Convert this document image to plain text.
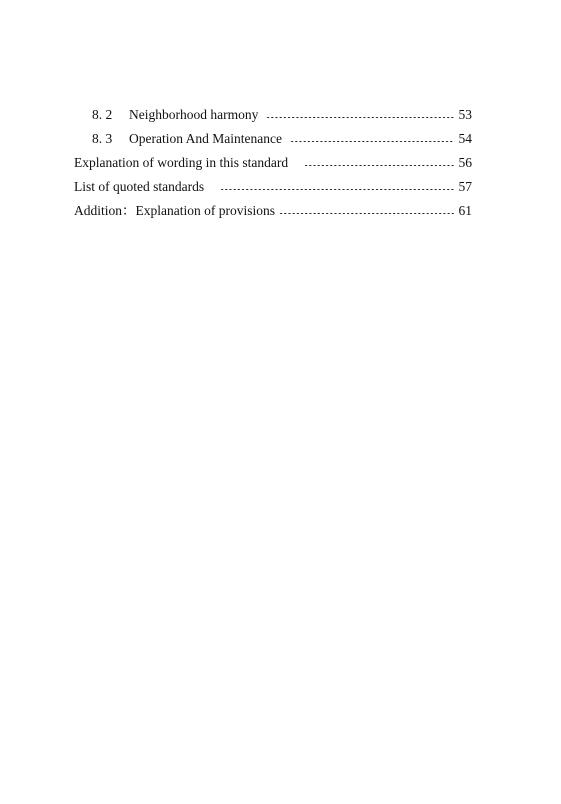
8. 2	Neighborhood harmony	53
8. 3	Operation And Maintenance	54
Explanation of wording in this standard	56
List of quoted standards	57
Addition：Explanation of provisions	61
